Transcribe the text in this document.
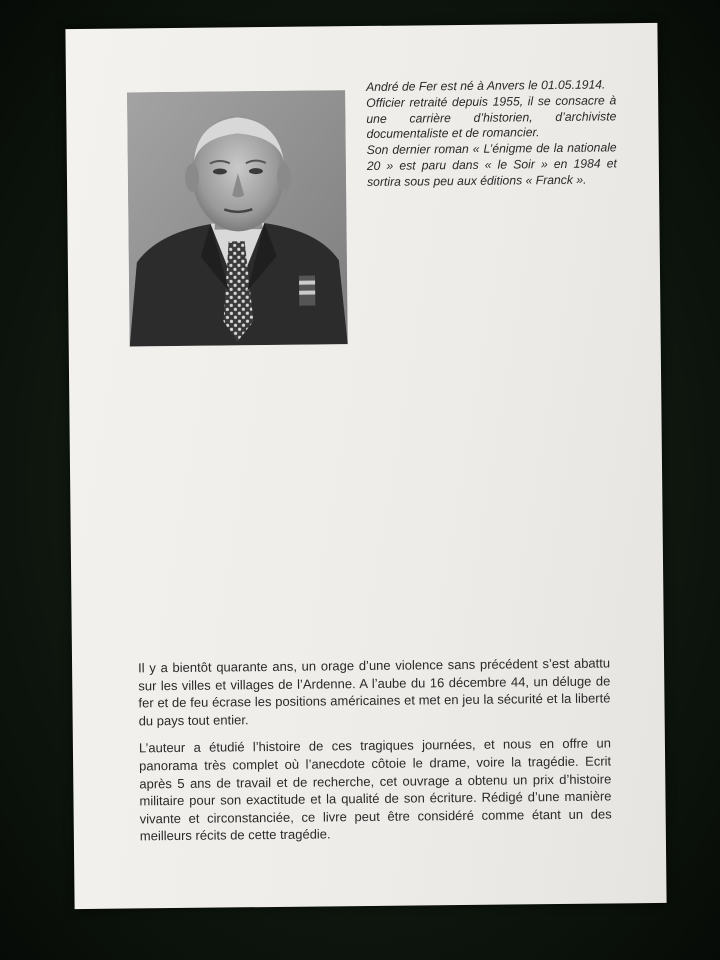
André de Fer est né à Anvers le 01.05.1914.

Officier retraité depuis 1955, il se consacre à une carrière d’historien, d’archiviste documentaliste et de romancier.

Son dernier roman « L’énigme de la nationale 20 » est paru dans « le Soir » en 1984 et sortira sous peu aux éditions « Franck ».

Il y a bientôt quarante ans, un orage d’une violence sans précédent s’est abattu sur les villes et villages de l’Ardenne. A l’aube du 16 décembre 44, un déluge de fer et de feu écrase les positions américaines et met en jeu la sécurité et la liberté du pays tout entier.

L’auteur a étudié l’histoire de ces tragiques journées, et nous en offre un panorama très complet où l’anecdote côtoie le drame, voire la tragédie. Ecrit après 5 ans de travail et de recherche, cet ouvrage a obtenu un prix d’histoire militaire pour son exactitude et la qualité de son écriture. Rédigé d’une manière vivante et circonstanciée, ce livre peut être considéré comme étant un des meilleurs récits de cette tragédie.
